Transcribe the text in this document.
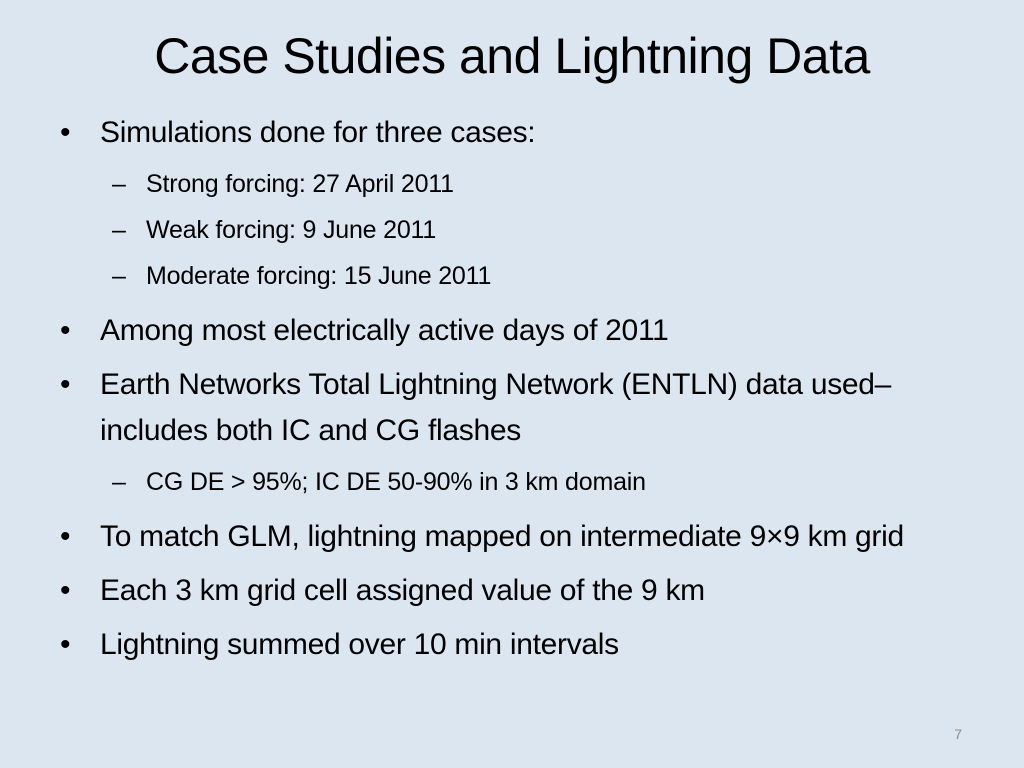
Case Studies and Lightning Data
• Simulations done for three cases:
– Strong forcing: 27 April 2011
– Weak forcing: 9 June 2011
– Moderate forcing: 15 June 2011
• Among most electrically active days of 2011
• Earth Networks Total Lightning Network (ENTLN) data used– includes both IC and CG flashes
– CG DE > 95%; IC DE 50-90% in 3 km domain
• To match GLM, lightning mapped on intermediate 9×9 km grid
• Each 3 km grid cell assigned value of the 9 km
• Lightning summed over 10 min intervals
7
